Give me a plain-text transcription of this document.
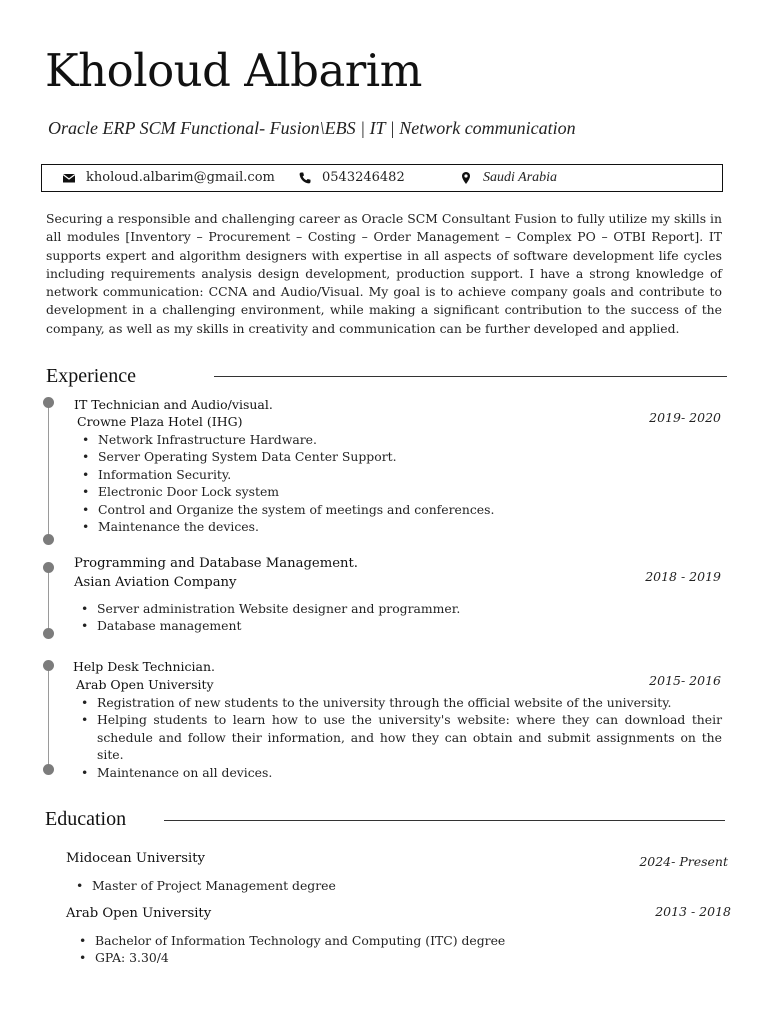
Kholoud Albarim

Oracle ERP SCM Functional- Fusion\EBS | IT | Network communication

kholoud.albarim@gmail.com	0543246482	Saudi Arabia

Securing a responsible and challenging career as Oracle SCM Consultant Fusion to fully utilize my skills in all modules [Inventory – Procurement – Costing – Order Management – Complex PO – OTBI Report]. IT supports expert and algorithm designers with expertise in all aspects of software development life cycles including requirements analysis design development, production support. I have a strong knowledge of network communication: CCNA and Audio/Visual. My goal is to achieve company goals and contribute to development in a challenging environment, while making a significant contribution to the success of the company, as well as my skills in creativity and communication can be further developed and applied.

Experience

IT Technician and Audio/visual.

Crowne Plaza Hotel (IHG)	2019- 2020

• Network Infrastructure Hardware.
• Server Operating System Data Center Support.
• Information Security.
• Electronic Door Lock system
• Control and Organize the system of meetings and conferences.
• Maintenance the devices.

Programming and Database Management.

Asian Aviation Company	2018 - 2019

• Server administration Website designer and programmer.
• Database management

Help Desk Technician.

Arab Open University	2015- 2016

• Registration of new students to the university through the official website of the university.
• Helping students to learn how to use the university's website: where they can download their schedule and follow their information, and how they can obtain and submit assignments on the site.
• Maintenance on all devices.
Education

Midocean University	2024- Present

• Master of Project Management degree

Arab Open University	2013 - 2018

• Bachelor of Information Technology and Computing (ITC) degree
• GPA: 3.30/4
